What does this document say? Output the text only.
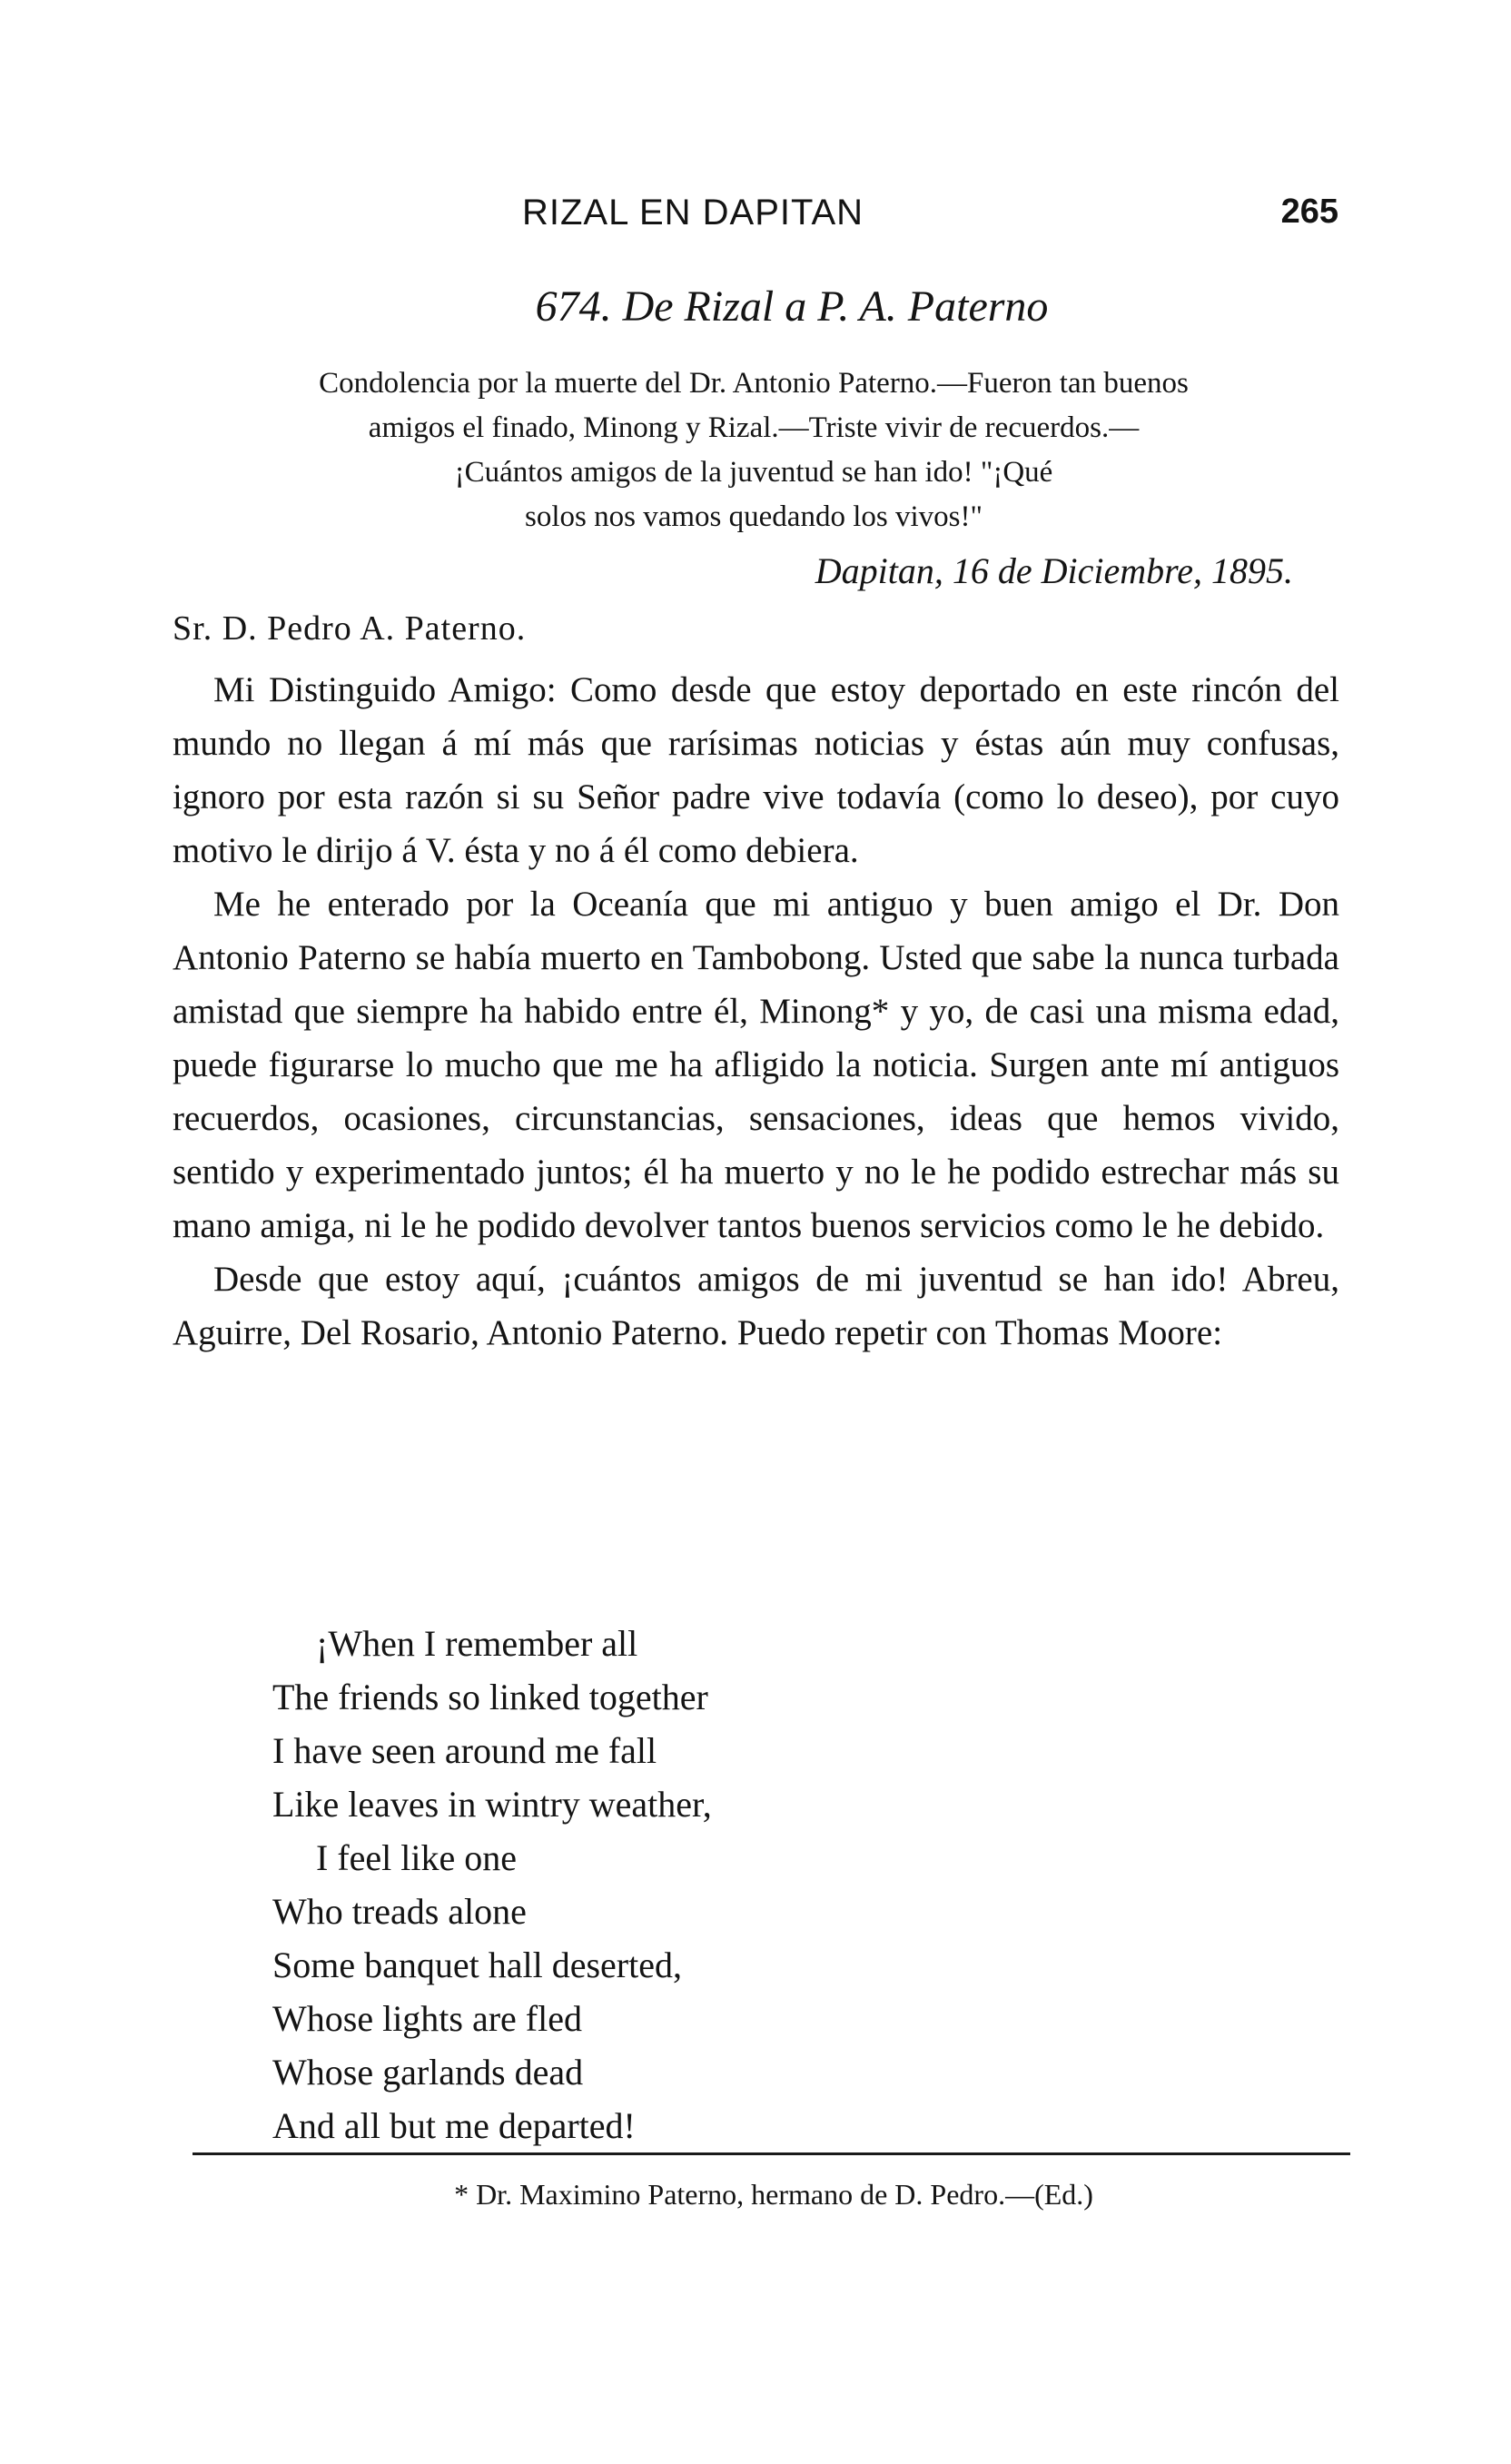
RIZAL EN DAPITAN	265
674. De Rizal a P. A. Paterno
Condolencia por la muerte del Dr. Antonio Paterno.—Fueron tan buenos
amigos el finado, Minong y Rizal.—Triste vivir de recuerdos.—
¡Cuántos amigos de la juventud se han ido! "¡Qué
solos nos vamos quedando los vivos!"
Dapitan, 16 de Diciembre, 1895.
Sr. D. Pedro A. Paterno.

Mi Distinguido Amigo: Como desde que estoy deportado en este rincón del mundo no llegan á mí más que rarísimas noticias y éstas aún muy confusas, ignoro por esta razón si su Señor padre vive todavía (como lo deseo), por cuyo motivo le dirijo á V. ésta y no á él como debiera.

Me he enterado por la Oceanía que mi antiguo y buen amigo el Dr. Don Antonio Paterno se había muerto en Tambobong. Usted que sabe la nunca turbada amistad que siempre ha habido entre él, Minong* y yo, de casi una misma edad, puede figurarse lo mucho que me ha afligido la noticia. Surgen ante mí antiguos recuerdos, ocasiones, circunstancias, sensaciones, ideas que hemos vivido, sentido y experimentado juntos; él ha muerto y no le he podido estrechar más su mano amiga, ni le he podido devolver tantos buenos servicios como le he debido.

Desde que estoy aquí, ¡cuántos amigos de mi juventud se han ido! Abreu, Aguirre, Del Rosario, Antonio Paterno. Puedo repetir con Thomas Moore:

¡When I remember all
The friends so linked together
I have seen around me fall
Like leaves in wintry weather,
I feel like one
Who treads alone
Some banquet hall deserted,
Whose lights are fled
Whose garlands dead
And all but me departed!
* Dr. Maximino Paterno, hermano de D. Pedro.—(Ed.)
